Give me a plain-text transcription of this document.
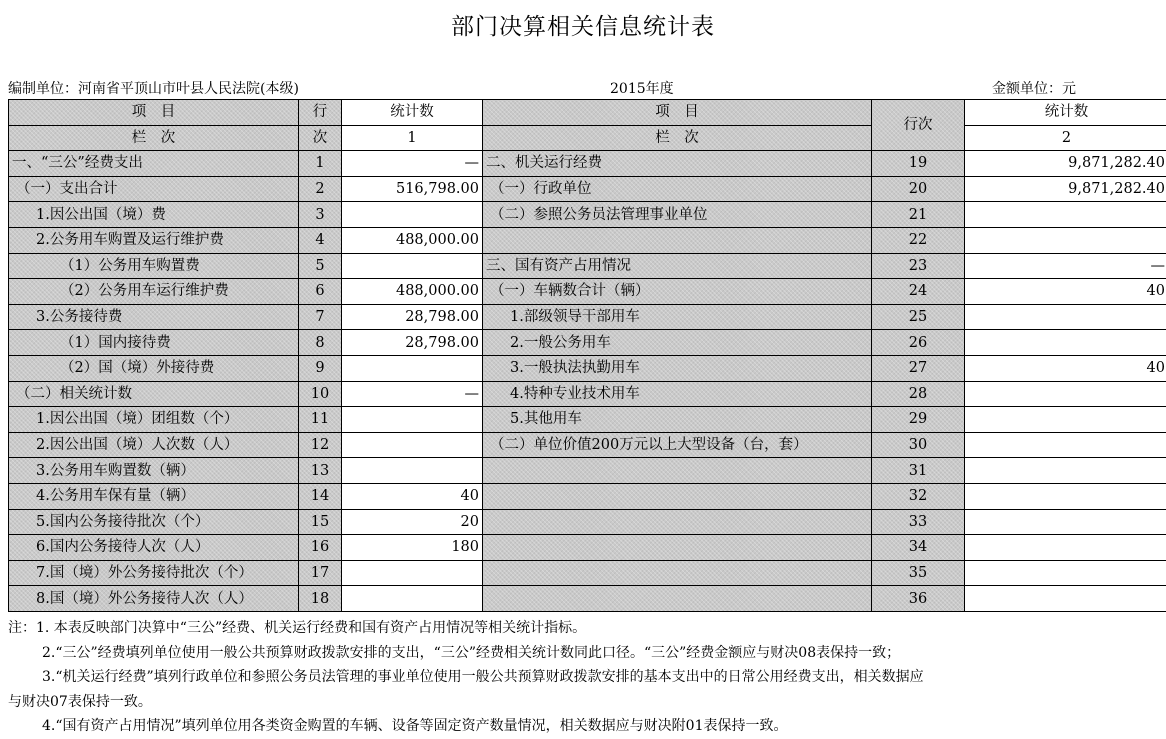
部门决算相关信息统计表
编制单位：河南省平顶山市叶县人民法院(本级)	2015年度	金额单位：元
项　目	行	统计数	项　目	行次	统计数
栏　次	次	1	栏　次		2
一、“三公”经费支出	1	—	二、机关运行经费	19	9,871,282.40
（一）支出合计	2	516,798.00	（一）行政单位	20	9,871,282.40
1.因公出国（境）费	3		（二）参照公务员法管理事业单位	21	
2.公务用车购置及运行维护费	4	488,000.00		22	
（1）公务用车购置费	5		三、国有资产占用情况	23	—
（2）公务用车运行维护费	6	488,000.00	（一）车辆数合计（辆）	24	40
3.公务接待费	7	28,798.00	1.部级领导干部用车	25	
（1）国内接待费	8	28,798.00	2.一般公务用车	26	
（2）国（境）外接待费	9		3.一般执法执勤用车	27	40
（二）相关统计数	10	—	4.特种专业技术用车	28	
1.因公出国（境）团组数（个）	11		5.其他用车	29	
2.因公出国（境）人次数（人）	12		（二）单位价值200万元以上大型设备（台，套）	30	
3.公务用车购置数（辆）	13			31	
4.公务用车保有量（辆）	14	40		32	
5.国内公务接待批次（个）	15	20		33	
6.国内公务接待人次（人）	16	180		34	
7.国（境）外公务接待批次（个）	17			35	
8.国（境）外公务接待人次（人）	18			36	
注：1. 本表反映部门决算中“三公”经费、机关运行经费和国有资产占用情况等相关统计指标。
2.“三公”经费填列单位使用一般公共预算财政拨款安排的支出，“三公”经费相关统计数同此口径。“三公”经费金额应与财决08表保持一致；
3.“机关运行经费”填列行政单位和参照公务员法管理的事业单位使用一般公共预算财政拨款安排的基本支出中的日常公用经费支出，相关数据应
与财决07表保持一致。
4.“国有资产占用情况”填列单位用各类资金购置的车辆、设备等固定资产数量情况，相关数据应与财决附01表保持一致。
